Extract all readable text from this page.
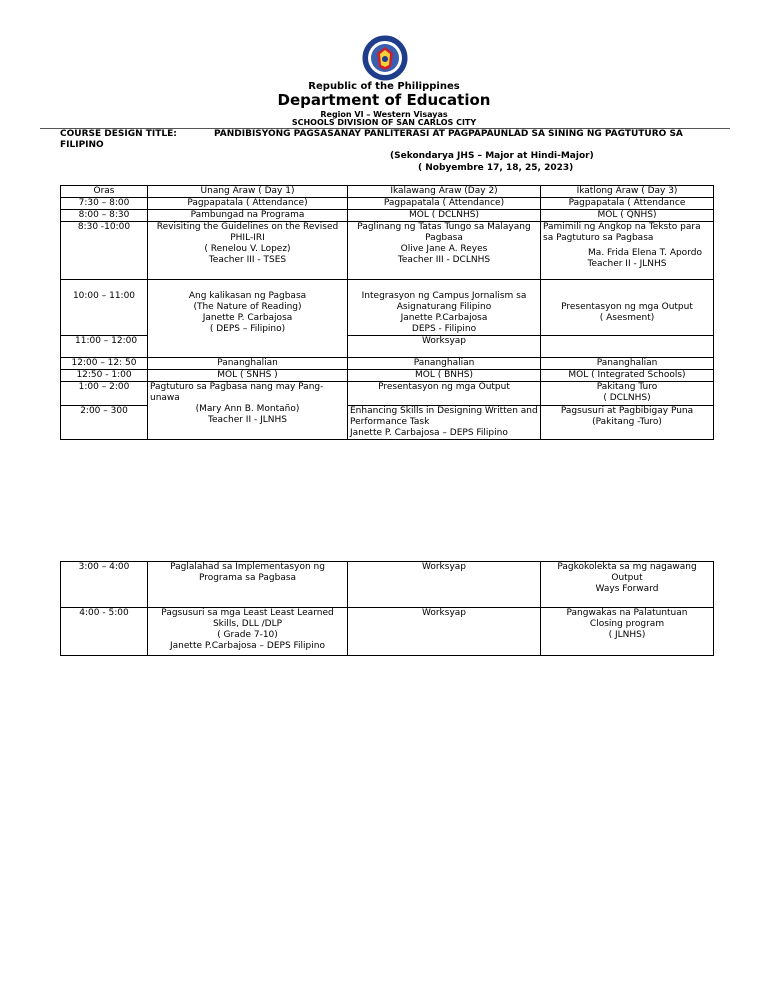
Republic of the Philippines
Department of Education
Region VI – Western Visayas
SCHOOLS DIVISION OF SAN CARLOS CITY
COURSE DESIGN TITLE:
FILIPINO
PANDIBISYONG PAGSASANAY PANLITERASI AT PAGPAPAUNLAD SA SINING NG PAGTUTURO SA
(Sekondarya JHS – Major at Hindi-Major)
( Nobyembre 17, 18, 25, 2023)
Oras	Unang Araw ( Day 1)	Ikalawang Araw (Day 2)	Ikatlong Araw ( Day 3)
7:30 – 8:00	Pagpapatala ( Attendance)	Pagpapatala ( Attendance)	Pagpapatala ( Attendance
8:00 – 8:30	Pambungad na Programa	MOL ( DCLNHS)	MOL ( QNHS)
8:30 -10:00	Revisiting the Guidelines on the Revised PHIL-IRI
( Renelou V. Lopez)
Teacher III - TSES	Paglinang ng Tatas Tungo sa Malayang Pagbasa
Olive Jane A. Reyes
Teacher III - DCLNHS	Pamimili ng Angkop na Teksto para sa Pagtuturo sa Pagbasa
Ma. Frida Elena T. Apordo
Teacher II - JLNHS

10:00 – 11:00	Ang kalikasan ng Pagbasa
(The Nature of Reading)
Janette P. Carbajosa
( DEPS – Filipino)	Integrasyon ng Campus Jornalism sa Asignaturang Filipino
Janette P.Carbajosa
DEPS - Filipino	Presentasyon ng mga Output
( Asesment)

11:00 – 12:00		Worksyap	
12:00 – 12: 50	Pananghalian	Pananghalian	Pananghalian
12:50 - 1:00	MOL ( SNHS )	MOL ( BNHS)	MOL ( Integrated Schools)
1:00 – 2:00	Pagtuturo sa Pagbasa nang may Pang-unawa
(Mary Ann B. Montaño)
Teacher II - JLNHS	Presentasyon ng mga Output	Pakitang Turo
( DCLNHS)

2:00 – 300		Enhancing Skills in Designing Written and Performance Task
Janette P. Carbajosa – DEPS Filipino	Pagsusuri at Pagbibigay Puna
(Pakitang -Turo)
3:00 – 4:00	Paglalahad sa Implementasyon ng Programa sa Pagbasa	Worksyap	Pagkokolekta sa mg nagawang Output
Ways Forward

4:00 - 5:00	Pagsusuri sa mga Least Least Learned Skills, DLL /DLP
( Grade 7-10)
Janette P.Carbajosa – DEPS Filipino	Worksyap	Pangwakas na Palatuntuan
Closing program
( JLNHS)
